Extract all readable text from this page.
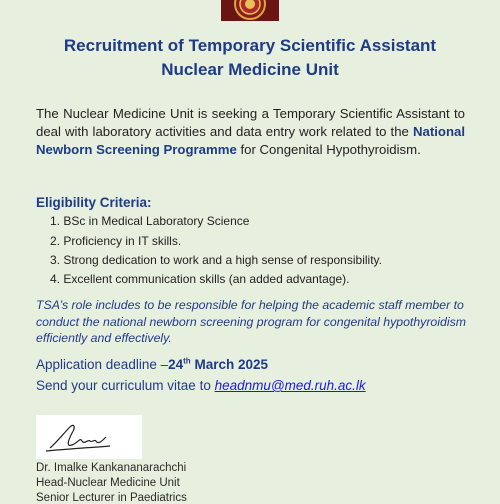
Recruitment of Temporary Scientific Assistant
Nuclear Medicine Unit
The Nuclear Medicine Unit is seeking a Temporary Scientific Assistant to deal with laboratory activities and data entry work related to the National Newborn Screening Programme for Congenital Hypothyroidism.
Eligibility Criteria:
1. BSc in Medical Laboratory Science
2. Proficiency in IT skills.
3. Strong dedication to work and a high sense of responsibility.
4. Excellent communication skills (an added advantage).
TSA’s role includes to be responsible for helping the academic staff member to conduct the national newborn screening program for congenital hypothyroidism efficiently and effectively.
Application deadline –24th March 2025
Send your curriculum vitae to headnmu@med.ruh.ac.lk
Dr. Imalke Kankananarachchi
Head-Nuclear Medicine Unit
Senior Lecturer in Paediatrics
